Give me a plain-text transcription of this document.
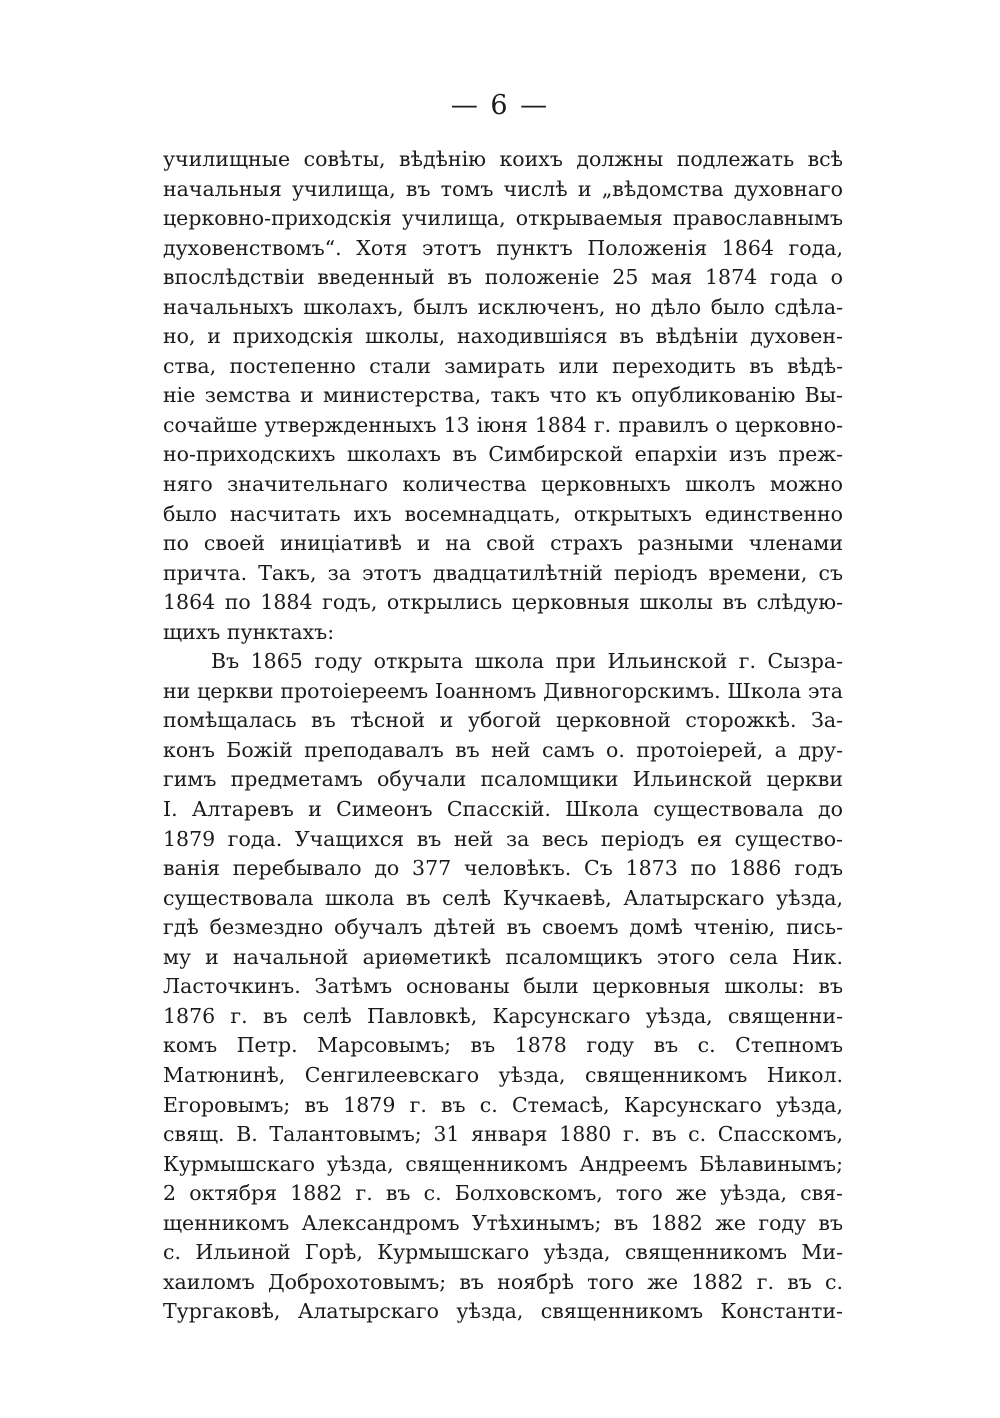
— 6 —
училищные совѣты, вѣдѣнію коихъ должны подлежать всѣ
начальныя училища, въ томъ числѣ и „вѣдомства духовнаго
церковно-приходскія училища, открываемыя православнымъ
духовенствомъ“. Хотя этотъ пунктъ Положенія 1864 года,
впослѣдствіи введенный въ положеніе 25 мая 1874 года о
начальныхъ школахъ, былъ исключенъ, но дѣло было сдѣла-
но, и приходскія школы, находившіяся въ вѣдѣніи духовен-
ства, постепенно стали замирать или переходить въ вѣдѣ-
ніе земства и министерства, такъ что къ опубликованію Вы-
сочайше утвержденныхъ 13 іюня 1884 г. правилъ о церковно-
но-приходскихъ школахъ въ Симбирской епархіи изъ преж-
няго значительнаго количества церковныхъ школъ можно
было насчитать ихъ восемнадцать, открытыхъ единственно
по своей иниціативѣ и на свой страхъ разными членами
причта. Такъ, за этотъ двадцатилѣтній періодъ времени, съ
1864 по 1884 годъ, открылись церковныя школы въ слѣдую-
щихъ пунктахъ:
Въ 1865 году открыта школа при Ильинской г. Сызра-
ни церкви протоіереемъ Іоанномъ Дивногорскимъ. Школа эта
помѣщалась въ тѣсной и убогой церковной сторожкѣ. За-
конъ Божій преподавалъ въ ней самъ о. протоіерей, а дру-
гимъ предметамъ обучали псаломщики Ильинской церкви
І. Алтаревъ и Симеонъ Спасскій. Школа существовала до
1879 года. Учащихся въ ней за весь періодъ ея существо-
ванія перебывало до 377 человѣкъ. Съ 1873 по 1886 годъ
существовала школа въ селѣ Кучкаевѣ, Алатырскаго уѣзда,
гдѣ безмездно обучалъ дѣтей въ своемъ домѣ чтенію, пись-
му и начальной ариѳметикѣ псаломщикъ этого села Ник.
Ласточкинъ. Затѣмъ основаны были церковныя школы: въ
1876 г. въ селѣ Павловкѣ, Карсунскаго уѣзда, священни-
комъ Петр. Марсовымъ; въ 1878 году въ с. Степномъ
Матюнинѣ, Сенгилеевскаго уѣзда, священникомъ Никол.
Егоровымъ; въ 1879 г. въ с. Стемасѣ, Карсунскаго уѣзда,
свящ. В. Талантовымъ; 31 января 1880 г. въ с. Спасскомъ,
Курмышскаго уѣзда, священникомъ Андреемъ Бѣлавинымъ;
2 октября 1882 г. въ с. Болховскомъ, того же уѣзда, свя-
щенникомъ Александромъ Утѣхинымъ; въ 1882 же году въ
с. Ильиной Горѣ, Курмышскаго уѣзда, священникомъ Ми-
хаиломъ Доброхотовымъ; въ ноябрѣ того же 1882 г. въ с.
Тургаковѣ, Алатырскаго уѣзда, священникомъ Константи-
